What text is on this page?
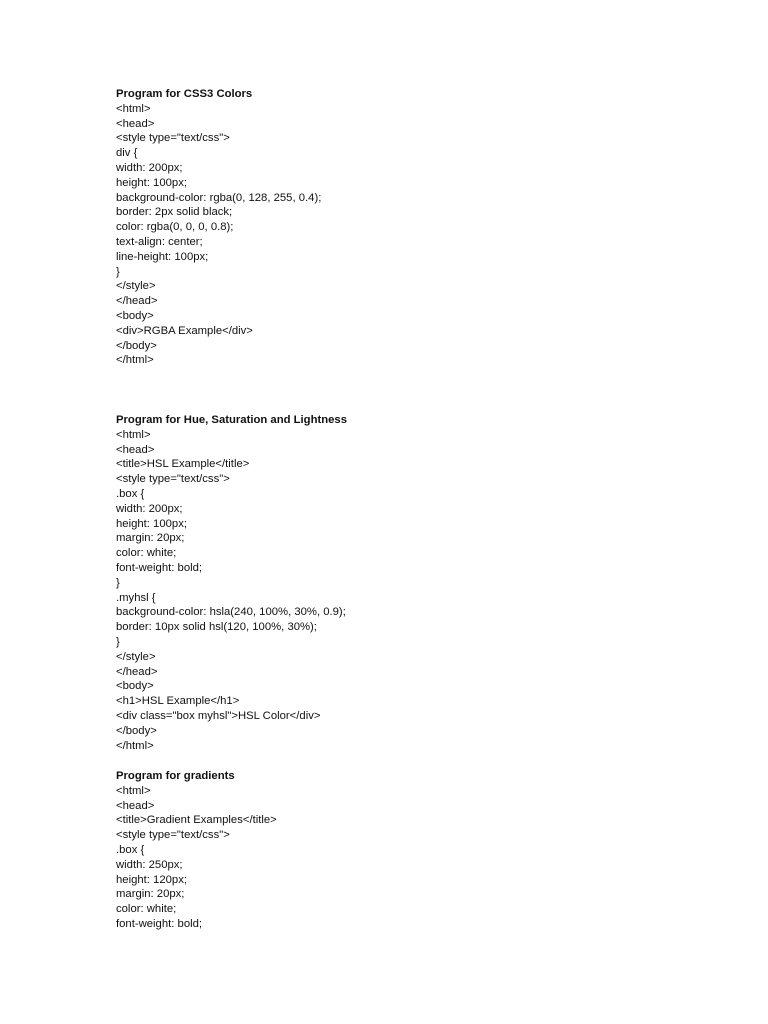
Program for CSS3 Colors
<html>
<head>
<style type="text/css">
div {
width: 200px;
height: 100px;
background-color: rgba(0, 128, 255, 0.4);
border: 2px solid black;
color: rgba(0, 0, 0, 0.8);
text-align: center;
line-height: 100px;
}
</style>
</head>
<body>
<div>RGBA Example</div>
</body>
</html>
Program for Hue, Saturation and Lightness
<html>
<head>
<title>HSL Example</title>
<style type="text/css">
.box {
width: 200px;
height: 100px;
margin: 20px;
color: white;
font-weight: bold;
}
.myhsl {
background-color: hsla(240, 100%, 30%, 0.9);
border: 10px solid hsl(120, 100%, 30%);
}
</style>
</head>
<body>
<h1>HSL Example</h1>
<div class="box myhsl">HSL Color</div>
</body>
</html>
Program for gradients
<html>
<head>
<title>Gradient Examples</title>
<style type="text/css">
.box {
width: 250px;
height: 120px;
margin: 20px;
color: white;
font-weight: bold;
